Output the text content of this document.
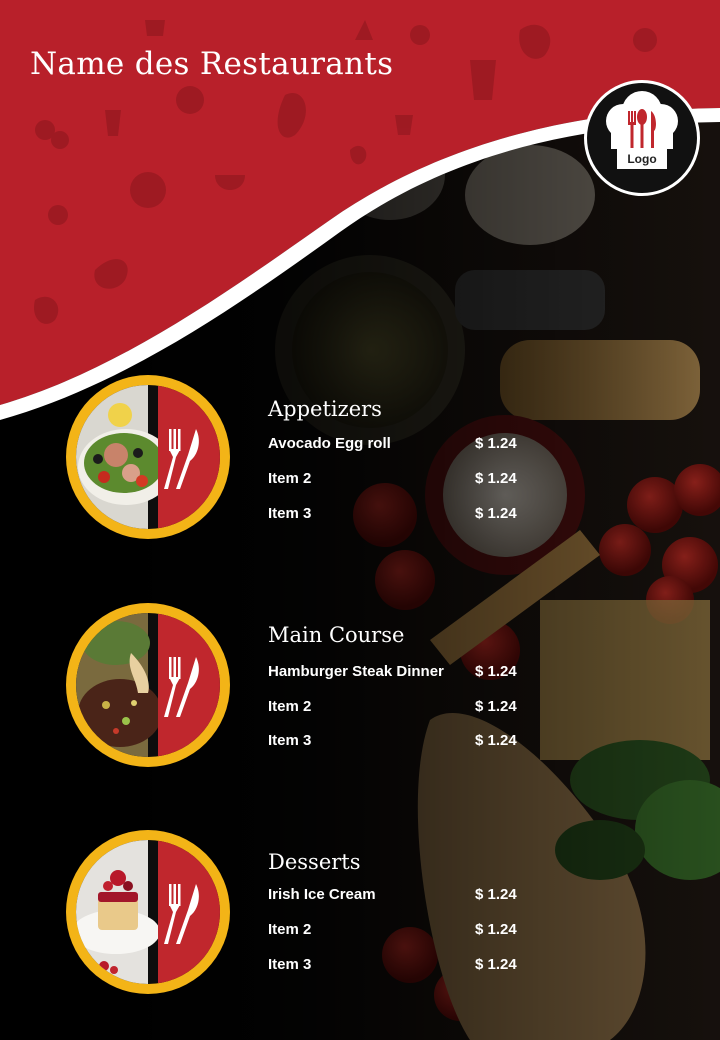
Name des Restaurants
Logo
Appetizers
Avocado Egg roll	$ 1.24
Item 2	$ 1.24
Item 3	$ 1.24
Main Course
Hamburger Steak Dinner $ 1.24
Item 2	$ 1.24
Item 3	$ 1.24
Desserts
Irish Ice Cream	$ 1.24
Item 2	$ 1.24
Item 3	$ 1.24
